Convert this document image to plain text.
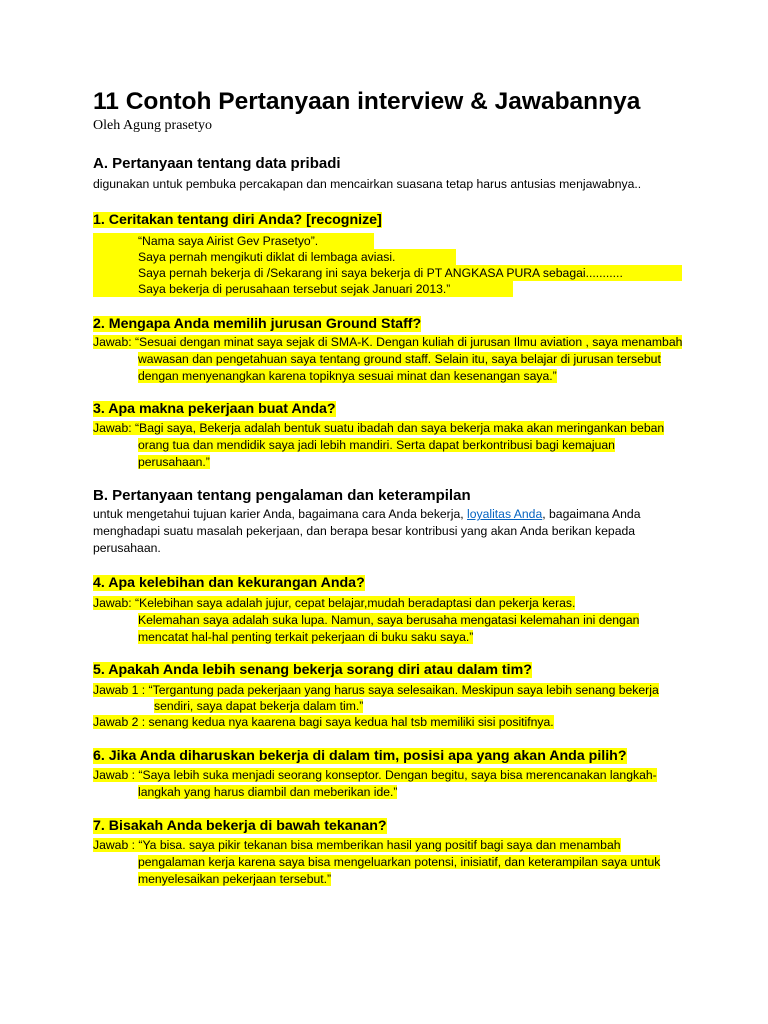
11 Contoh Pertanyaan interview & Jawabannya
Oleh Agung prasetyo
A. Pertanyaan tentang data pribadi
digunakan untuk pembuka percakapan dan mencairkan suasana tetap harus antusias menjawabnya..
1. Ceritakan tentang diri Anda? [recognize]
“Nama saya Airist Gev Prasetyo”.
Saya pernah mengikuti diklat di lembaga aviasi.
Saya pernah bekerja di /Sekarang ini saya bekerja di PT ANGKASA PURA sebagai...........
Saya bekerja di perusahaan tersebut sejak Januari 2013.”
2. Mengapa Anda memilih jurusan Ground Staff?
Jawab: “Sesuai dengan minat saya sejak di SMA-K. Dengan kuliah di jurusan Ilmu aviation , saya menambah
wawasan dan pengetahuan saya tentang ground staff. Selain itu, saya belajar di jurusan tersebut
dengan menyenangkan karena topiknya sesuai minat dan kesenangan saya.”
3. Apa makna pekerjaan buat Anda?
Jawab: “Bagi saya, Bekerja adalah bentuk suatu ibadah dan saya bekerja maka akan meringankan beban
orang tua dan mendidik saya jadi lebih mandiri. Serta dapat berkontribusi bagi kemajuan
perusahaan.”
B. Pertanyaan tentang pengalaman dan keterampilan
untuk mengetahui tujuan karier Anda, bagaimana cara Anda bekerja, loyalitas Anda, bagaimana Anda menghadapi suatu masalah pekerjaan, dan berapa besar kontribusi yang akan Anda berikan kepada perusahaan.
4. Apa kelebihan dan kekurangan Anda?
Jawab: “Kelebihan saya adalah jujur, cepat belajar,mudah beradaptasi dan pekerja keras.
Kelemahan saya adalah suka lupa. Namun, saya berusaha mengatasi kelemahan ini dengan
mencatat hal-hal penting terkait pekerjaan di buku saku saya.”
5. Apakah Anda lebih senang bekerja sorang diri atau dalam tim?
Jawab 1 : “Tergantung pada pekerjaan yang harus saya selesaikan. Meskipun saya lebih senang bekerja
sendiri, saya dapat bekerja dalam tim.”
Jawab 2 : senang kedua nya kaarena bagi saya kedua hal tsb memiliki sisi positifnya.
6. Jika Anda diharuskan bekerja di dalam tim, posisi apa yang akan Anda pilih?
Jawab : “Saya lebih suka menjadi seorang konseptor. Dengan begitu, saya bisa merencanakan langkah-
langkah yang harus diambil dan meberikan ide.”
7. Bisakah Anda bekerja di bawah tekanan?
Jawab : “Ya bisa. saya pikir tekanan bisa memberikan hasil yang positif bagi saya dan menambah
pengalaman kerja karena saya bisa mengeluarkan potensi, inisiatif, dan keterampilan saya untuk
menyelesaikan pekerjaan tersebut.”
